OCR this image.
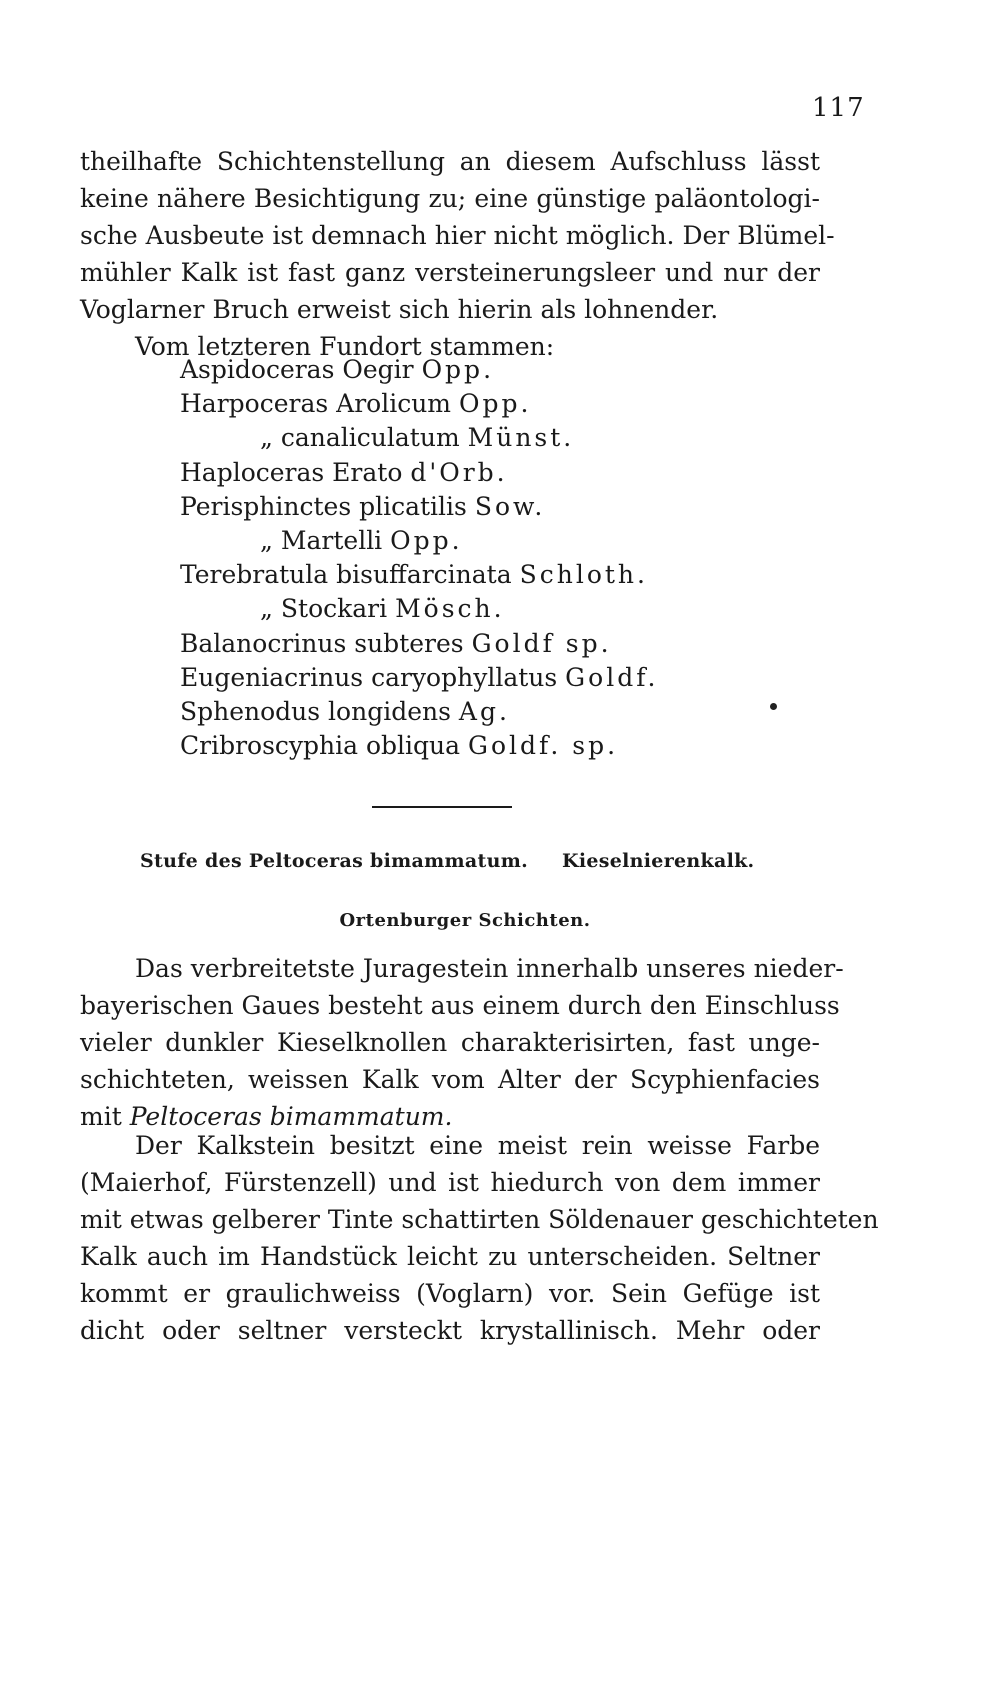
117
theilhafte Schichtenstellung an diesem Aufschluss lässt
keine nähere Besichtigung zu; eine günstige paläontologi-
sche Ausbeute ist demnach hier nicht möglich. Der Blümel-
mühler Kalk ist fast ganz versteinerungsleer und nur der
Voglarner Bruch erweist sich hierin als lohnender.
Vom letzteren Fundort stammen:
Aspidoceras Oegir Opp.
Harpoceras Arolicum Opp.
„ canaliculatum Münst.
Haploceras Erato d'Orb.
Perisphinctes plicatilis Sow.
„ Martelli Opp.
Terebratula bisuffarcinata Schloth.
„ Stockari Mösch.
Balanocrinus subteres Goldf sp.
Eugeniacrinus caryophyllatus Goldf.
Sphenodus longidens Ag.
Cribroscyphia obliqua Goldf. sp.
Stufe des Peltoceras bimammatum. Kieselnierenkalk.
Ortenburger Schichten.
Das verbreitetste Juragestein innerhalb unseres nieder-
bayerischen Gaues besteht aus einem durch den Einschluss
vieler dunkler Kieselknollen charakterisirten, fast unge-
schichteten, weissen Kalk vom Alter der Scyphienfacies
mit Peltoceras bimammatum.
Der Kalkstein besitzt eine meist rein weisse Farbe
(Maierhof, Fürstenzell) und ist hiedurch von dem immer
mit etwas gelberer Tinte schattirten Söldenauer geschichteten
Kalk auch im Handstück leicht zu unterscheiden. Seltner
kommt er graulichweiss (Voglarn) vor. Sein Gefüge ist
dicht oder seltner versteckt krystallinisch. Mehr oder
